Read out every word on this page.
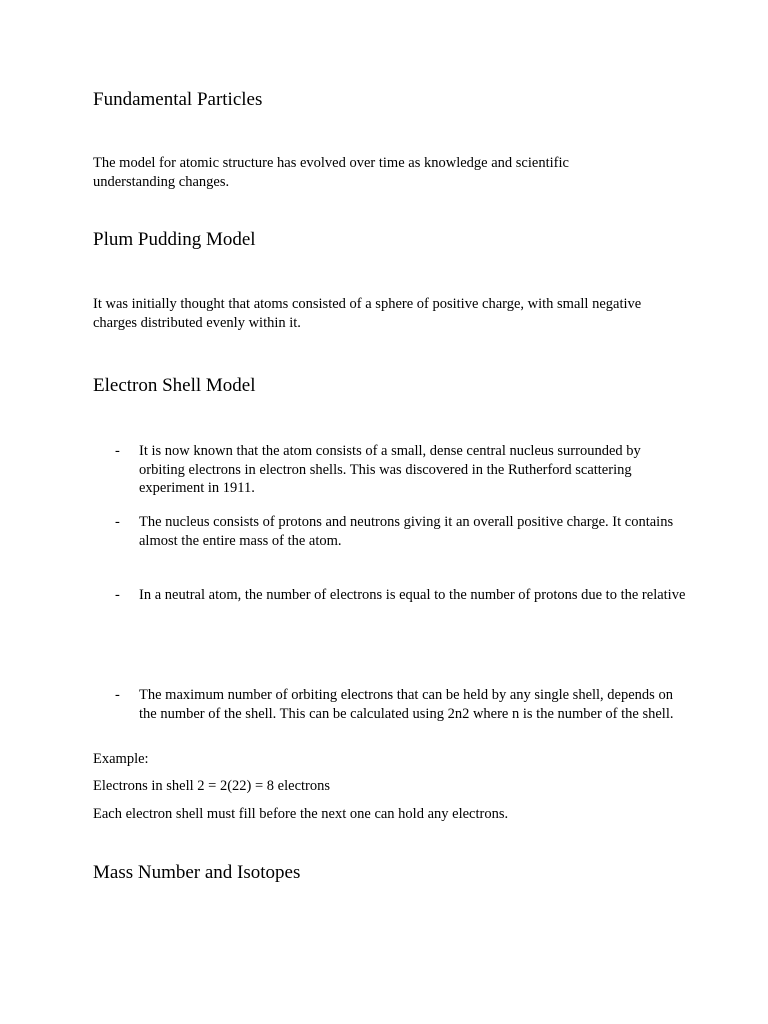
Fundamental Particles

The model for atomic structure has evolved over time as knowledge and scientific understanding changes.

Plum Pudding Model

It was initially thought that atoms consisted of a sphere of positive charge, with small negative charges distributed evenly within it.

Electron Shell Model
-	It is now known that the atom consists of a small, dense central nucleus surrounded by orbiting electrons in electron shells. This was discovered in the Rutherford scattering experiment in 1911.
-	The nucleus consists of protons and neutrons giving it an overall positive charge. It contains almost the entire mass of the atom.
-	In a neutral atom, the number of electrons is equal to the number of protons due to the relative
-	The maximum number of orbiting electrons that can be held by any single shell, depends on the number of the shell. This can be calculated using 2n2 where n is the number of the shell.

Example:

Electrons in shell 2 = 2(22) = 8 electrons

Each electron shell must fill before the next one can hold any electrons.

Mass Number and Isotopes
